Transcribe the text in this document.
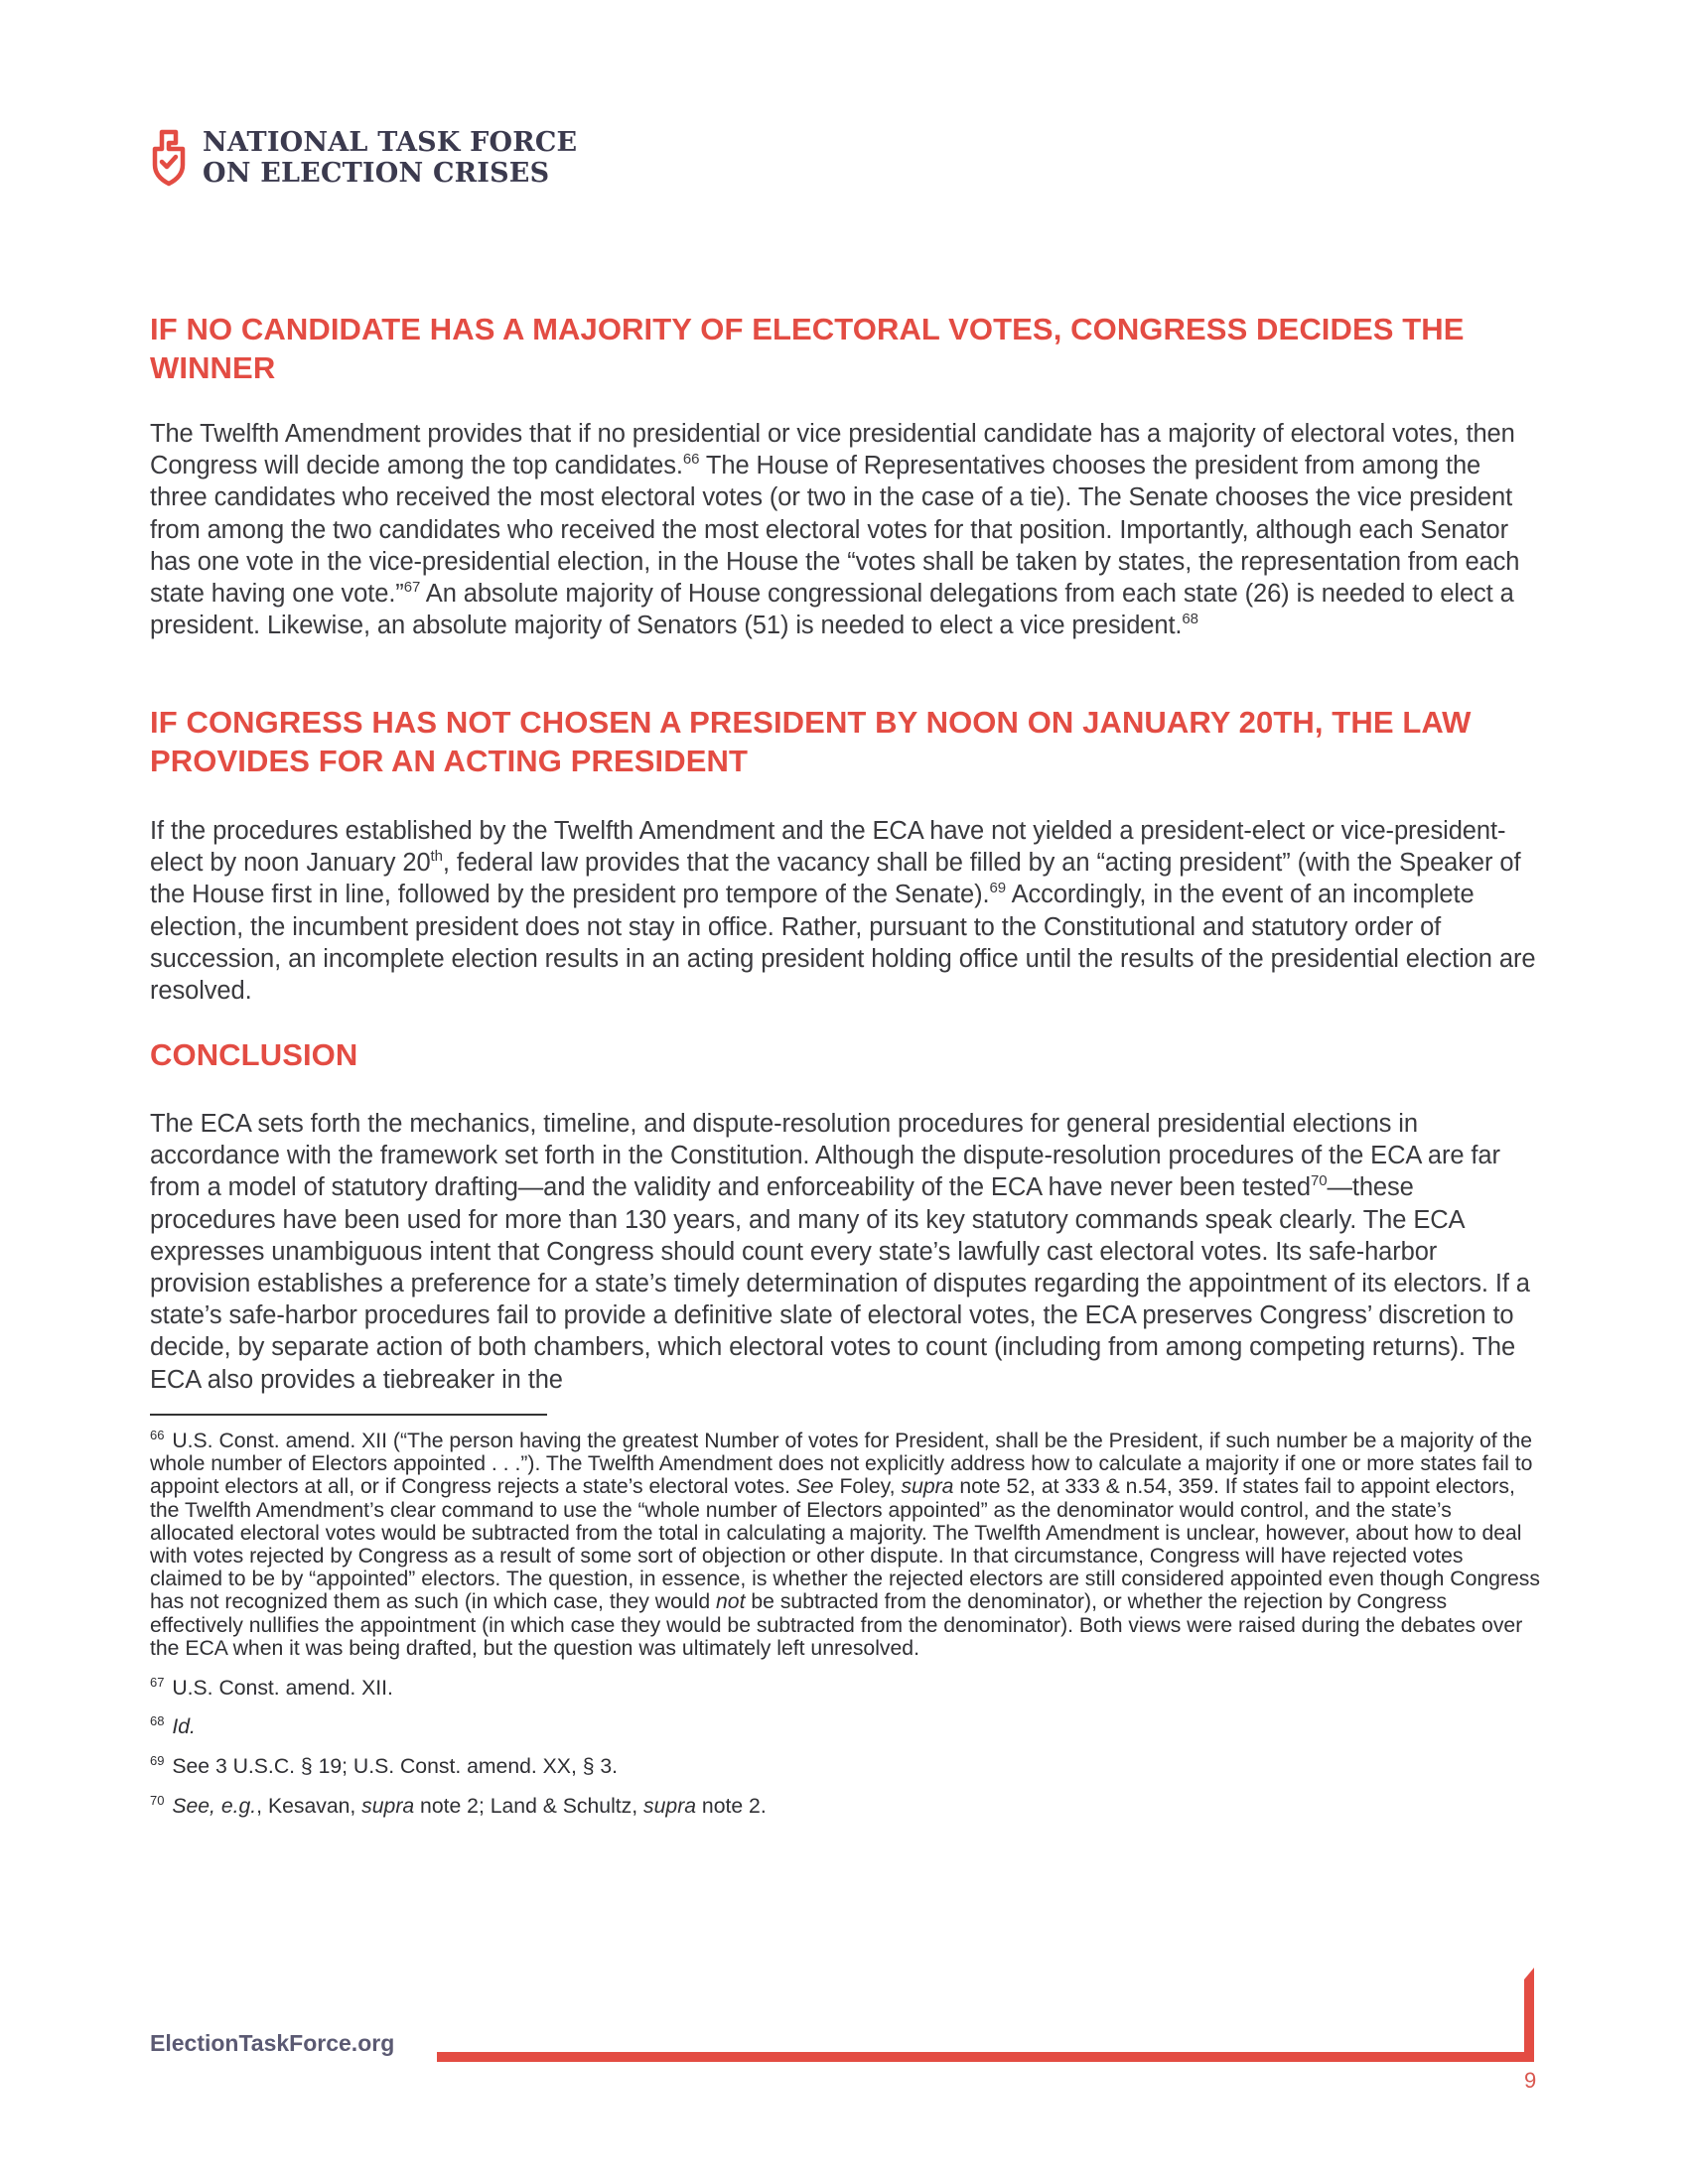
NATIONAL TASK FORCE
ON ELECTION CRISES
IF NO CANDIDATE HAS A MAJORITY OF ELECTORAL VOTES, CONGRESS DECIDES THE WINNER

The Twelfth Amendment provides that if no presidential or vice presidential candidate has a majority of electoral votes, then Congress will decide among the top candidates.$^{66}$ The House of Representatives chooses the president from among the three candidates who received the most electoral votes (or two in the case of a tie). The Senate chooses the vice president from among the two candidates who received the most electoral votes for that position. Importantly, although each Senator has one vote in the vice-presidential election, in the House the “votes shall be taken by states, the representation from each state having one vote.”$^{67}$ An absolute majority of House congressional delegations from each state (26) is needed to elect a president. Likewise, an absolute majority of Senators (51) is needed to elect a vice president.$^{68}$

IF CONGRESS HAS NOT CHOSEN A PRESIDENT BY NOON ON JANUARY 20TH, THE LAW PROVIDES FOR AN ACTING PRESIDENT

If the procedures established by the Twelfth Amendment and the ECA have not yielded a president-elect or vice-president-elect by noon January 20th, federal law provides that the vacancy shall be filled by an “acting president” (with the Speaker of the House first in line, followed by the president pro tempore of the Senate).$^{69}$ Accordingly, in the event of an incomplete election, the incumbent president does not stay in office. Rather, pursuant to the Constitutional and statutory order of succession, an incomplete election results in an acting president holding office until the results of the presidential election are resolved.

CONCLUSION

The ECA sets forth the mechanics, timeline, and dispute-resolution procedures for general presidential elections in accordance with the framework set forth in the Constitution. Although the dispute-resolution procedures of the ECA are far from a model of statutory drafting—and the validity and enforceability of the ECA have never been tested$^{70}$—these procedures have been used for more than 130 years, and many of its key statutory commands speak clearly. The ECA expresses unambiguous intent that Congress should count every state’s lawfully cast electoral votes. Its safe-harbor provision establishes a preference for a state’s timely determination of disputes regarding the appointment of its electors. If a state’s safe-harbor procedures fail to provide a definitive slate of electoral votes, the ECA preserves Congress’ discretion to decide, by separate action of both chambers, which electoral votes to count (including from among competing returns). The ECA also provides a tiebreaker in the

$^{66}$ U.S. Const. amend. XII (“The person having the greatest Number of votes for President, shall be the President, if such number be a majority of the whole number of Electors appointed . . .”). The Twelfth Amendment does not explicitly address how to calculate a majority if one or more states fail to appoint electors at all, or if Congress rejects a state’s electoral votes. See Foley, supra note 52, at 333 & n.54, 359. If states fail to appoint electors, the Twelfth Amendment’s clear command to use the “whole number of Electors appointed” as the denominator would control, and the state’s allocated electoral votes would be subtracted from the total in calculating a majority. The Twelfth Amendment is unclear, however, about how to deal with votes rejected by Congress as a result of some sort of objection or other dispute. In that circumstance, Congress will have rejected votes claimed to be by “appointed” electors. The question, in essence, is whether the rejected electors are still considered appointed even though Congress has not recognized them as such (in which case, they would not be subtracted from the denominator), or whether the rejection by Congress effectively nullifies the appointment (in which case they would be subtracted from the denominator). Both views were raised during the debates over the ECA when it was being drafted, but the question was ultimately left unresolved.

$^{67}$ U.S. Const. amend. XII.

$^{68}$ Id.

$^{69}$ See 3 U.S.C. § 19; U.S. Const. amend. XX, § 3.

$^{70}$ See, e.g., Kesavan, supra note 2; Land & Schultz, supra note 2.

ElectionTaskForce.org
9
